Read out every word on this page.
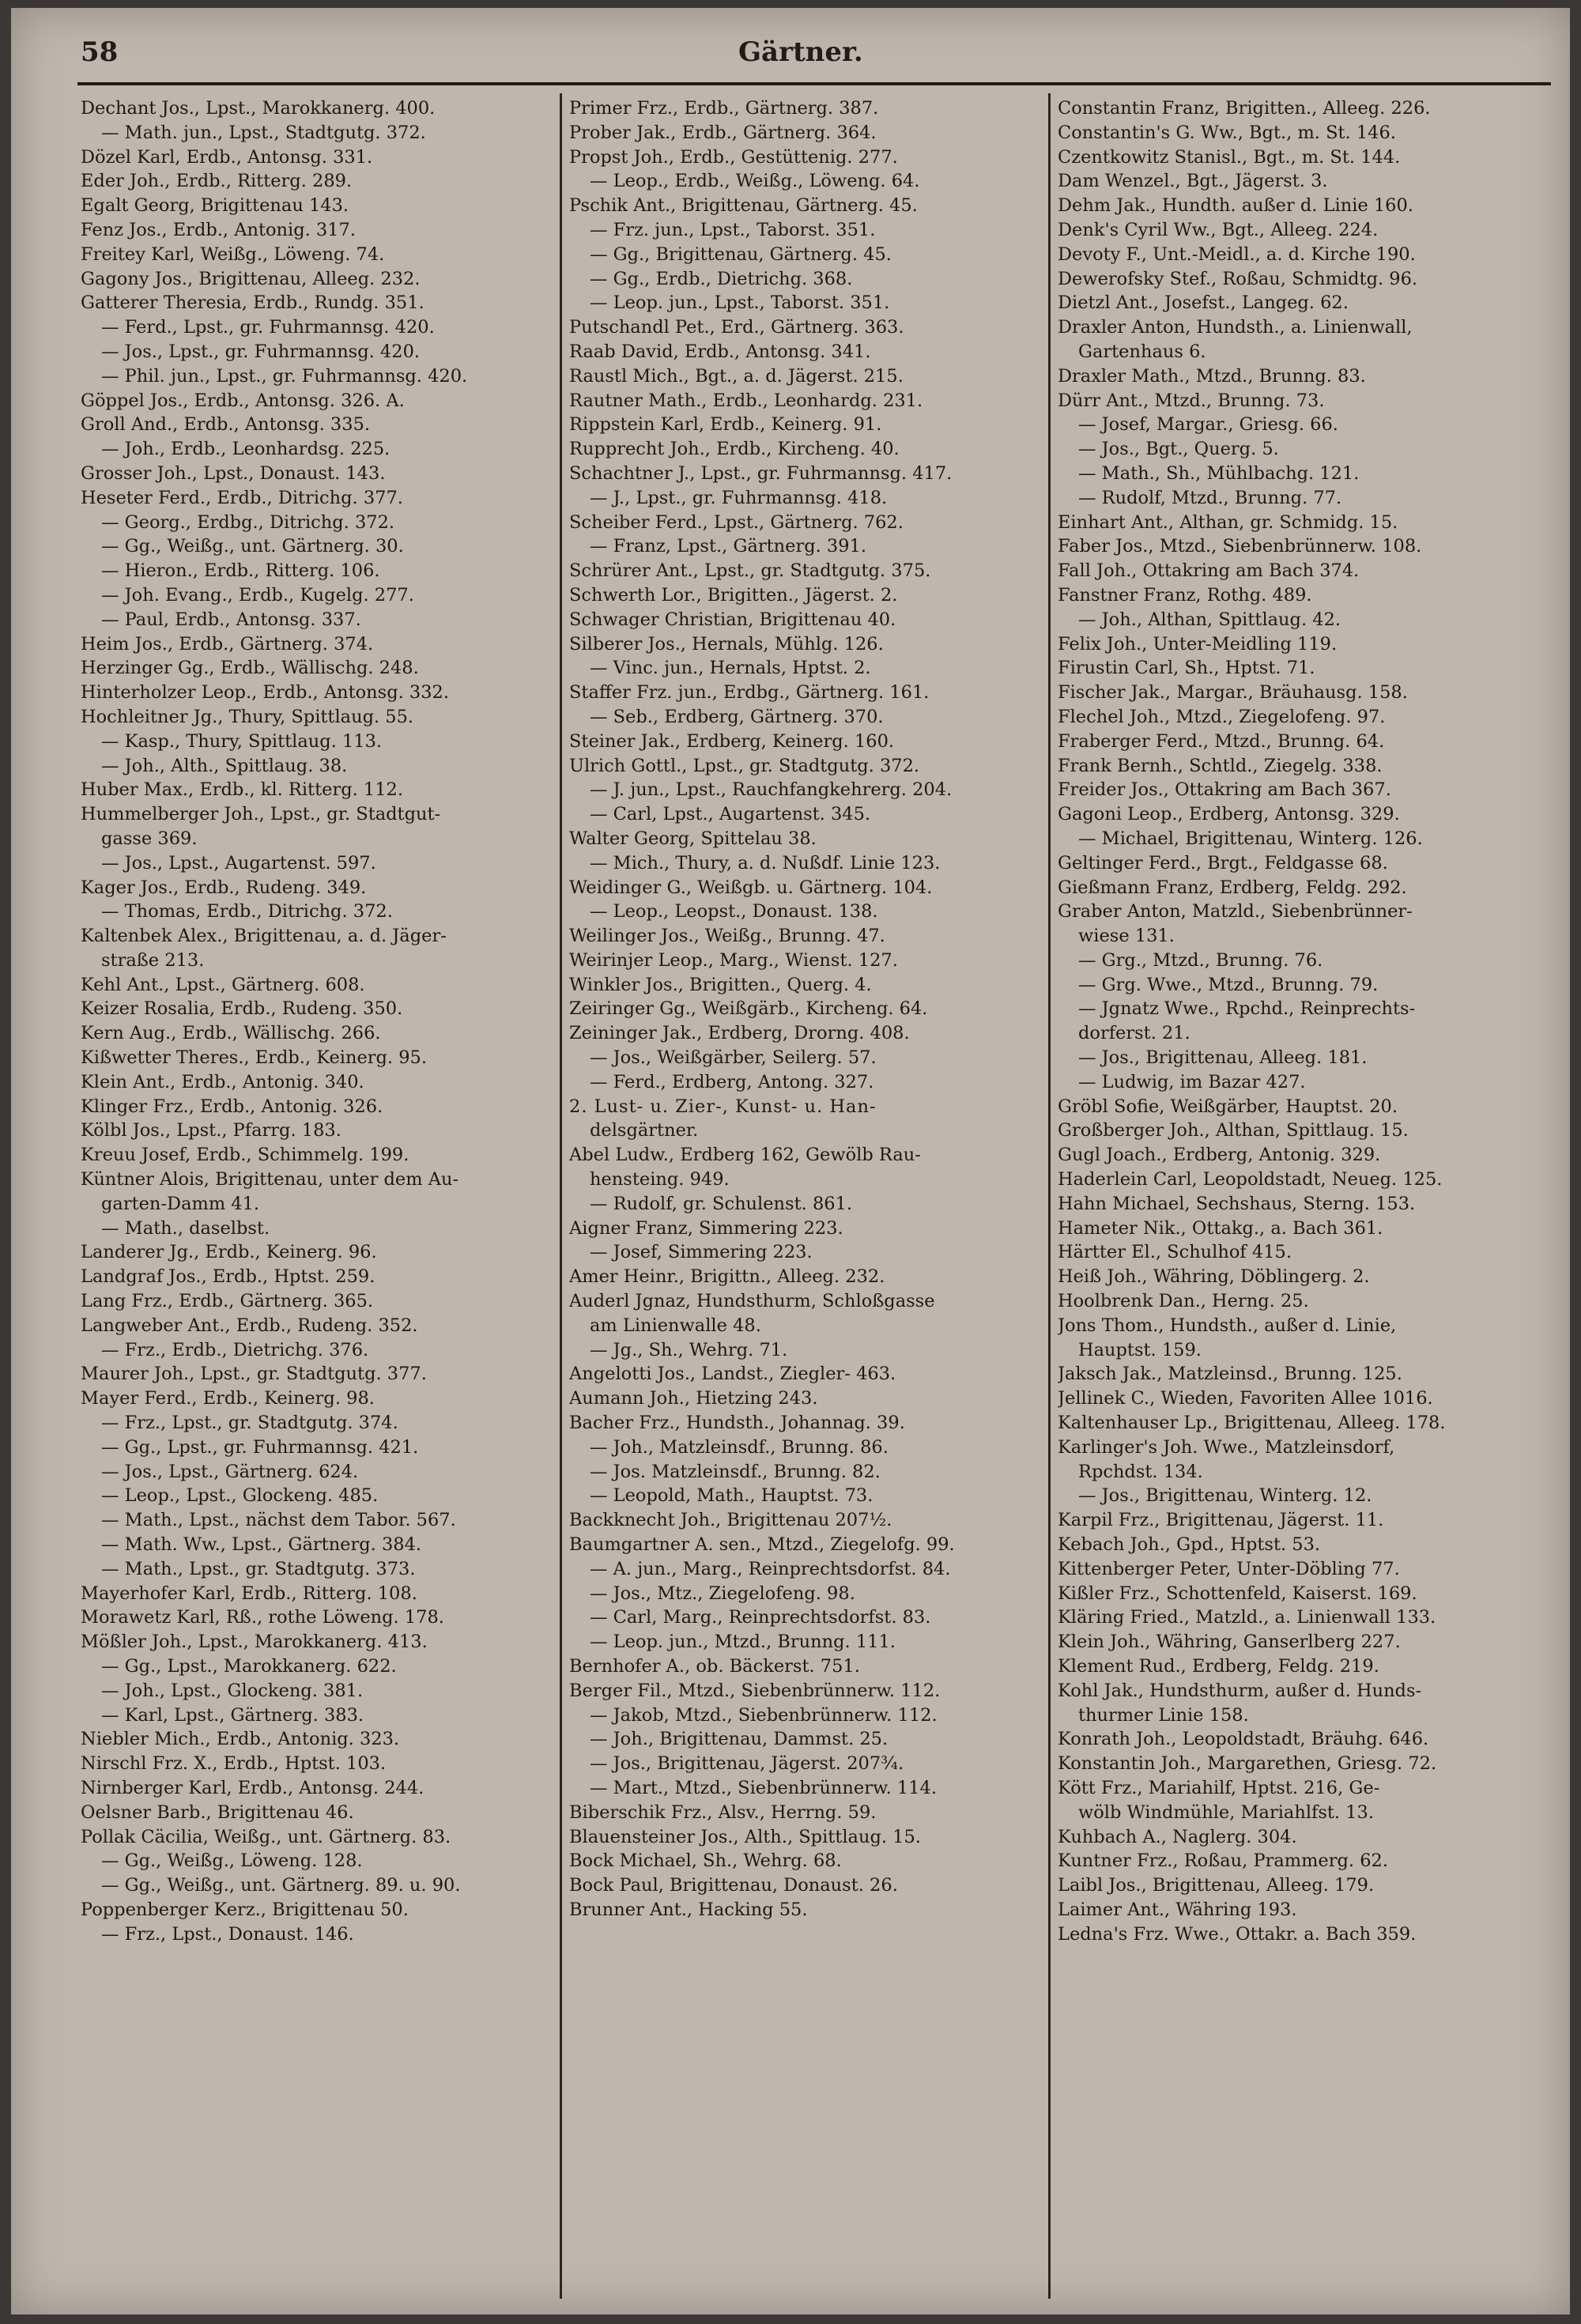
58	Gärtner.
Dechant Jos., Lpst., Marokkanerg. 400.
— Math. jun., Lpst., Stadtgutg. 372.
Dözel Karl, Erdb., Antonsg. 331.
Eder Joh., Erdb., Ritterg. 289.
Egalt Georg, Brigittenau 143.
Fenz Jos., Erdb., Antonig. 317.
Freitey Karl, Weißg., Löweng. 74.
Gagony Jos., Brigittenau, Alleeg. 232.
Gatterer Theresia, Erdb., Rundg. 351.
— Ferd., Lpst., gr. Fuhrmannsg. 420.
— Jos., Lpst., gr. Fuhrmannsg. 420.
— Phil. jun., Lpst., gr. Fuhrmannsg. 420.
Göppel Jos., Erdb., Antonsg. 326. A.
Groll And., Erdb., Antonsg. 335.
— Joh., Erdb., Leonhardsg. 225.
Grosser Joh., Lpst., Donaust. 143.
Heseter Ferd., Erdb., Ditrichg. 377.
— Georg., Erdbg., Ditrichg. 372.
— Gg., Weißg., unt. Gärtnerg. 30.
— Hieron., Erdb., Ritterg. 106.
— Joh. Evang., Erdb., Kugelg. 277.
— Paul, Erdb., Antonsg. 337.
Heim Jos., Erdb., Gärtnerg. 374.
Herzinger Gg., Erdb., Wällischg. 248.
Hinterholzer Leop., Erdb., Antonsg. 332.
Hochleitner Jg., Thury, Spittlaug. 55.
— Kasp., Thury, Spittlaug. 113.
— Joh., Alth., Spittlaug. 38.
Huber Max., Erdb., kl. Ritterg. 112.
Hummelberger Joh., Lpst., gr. Stadtgut-
gasse 369.
— Jos., Lpst., Augartenst. 597.
Kager Jos., Erdb., Rudeng. 349.
— Thomas, Erdb., Ditrichg. 372.
Kaltenbek Alex., Brigittenau, a. d. Jäger-
straße 213.
Kehl Ant., Lpst., Gärtnerg. 608.
Keizer Rosalia, Erdb., Rudeng. 350.
Kern Aug., Erdb., Wällischg. 266.
Kißwetter Theres., Erdb., Keinerg. 95.
Klein Ant., Erdb., Antonig. 340.
Klinger Frz., Erdb., Antonig. 326.
Kölbl Jos., Lpst., Pfarrg. 183.
Kreuu Josef, Erdb., Schimmelg. 199.
Küntner Alois, Brigittenau, unter dem Au-
garten-Damm 41.
— Math., daselbst.
Landerer Jg., Erdb., Keinerg. 96.
Landgraf Jos., Erdb., Hptst. 259.
Lang Frz., Erdb., Gärtnerg. 365.
Langweber Ant., Erdb., Rudeng. 352.
— Frz., Erdb., Dietrichg. 376.
Maurer Joh., Lpst., gr. Stadtgutg. 377.
Mayer Ferd., Erdb., Keinerg. 98.
— Frz., Lpst., gr. Stadtgutg. 374.
— Gg., Lpst., gr. Fuhrmannsg. 421.
— Jos., Lpst., Gärtnerg. 624.
— Leop., Lpst., Glockeng. 485.
— Math., Lpst., nächst dem Tabor. 567.
— Math. Ww., Lpst., Gärtnerg. 384.
— Math., Lpst., gr. Stadtgutg. 373.
Mayerhofer Karl, Erdb., Ritterg. 108.
Morawetz Karl, Rß., rothe Löweng. 178.
Mößler Joh., Lpst., Marokkanerg. 413.
— Gg., Lpst., Marokkanerg. 622.
— Joh., Lpst., Glockeng. 381.
— Karl, Lpst., Gärtnerg. 383.
Niebler Mich., Erdb., Antonig. 323.
Nirschl Frz. X., Erdb., Hptst. 103.
Nirnberger Karl, Erdb., Antonsg. 244.
Oelsner Barb., Brigittenau 46.
Pollak Cäcilia, Weißg., unt. Gärtnerg. 83.
— Gg., Weißg., Löweng. 128.
— Gg., Weißg., unt. Gärtnerg. 89. u. 90.
Poppenberger Kerz., Brigittenau 50.
— Frz., Lpst., Donaust. 146.
Primer Frz., Erdb., Gärtnerg. 387.
Prober Jak., Erdb., Gärtnerg. 364.
Propst Joh., Erdb., Gestüttenig. 277.
— Leop., Erdb., Weißg., Löweng. 64.
Pschik Ant., Brigittenau, Gärtnerg. 45.
— Frz. jun., Lpst., Taborst. 351.
— Gg., Brigittenau, Gärtnerg. 45.
— Gg., Erdb., Dietrichg. 368.
— Leop. jun., Lpst., Taborst. 351.
Putschandl Pet., Erd., Gärtnerg. 363.
Raab David, Erdb., Antonsg. 341.
Raustl Mich., Bgt., a. d. Jägerst. 215.
Rautner Math., Erdb., Leonhardg. 231.
Rippstein Karl, Erdb., Keinerg. 91.
Rupprecht Joh., Erdb., Kircheng. 40.
Schachtner J., Lpst., gr. Fuhrmannsg. 417.
— J., Lpst., gr. Fuhrmannsg. 418.
Scheiber Ferd., Lpst., Gärtnerg. 762.
— Franz, Lpst., Gärtnerg. 391.
Schrürer Ant., Lpst., gr. Stadtgutg. 375.
Schwerth Lor., Brigitten., Jägerst. 2.
Schwager Christian, Brigittenau 40.
Silberer Jos., Hernals, Mühlg. 126.
— Vinc. jun., Hernals, Hptst. 2.
Staffer Frz. jun., Erdbg., Gärtnerg. 161.
— Seb., Erdberg, Gärtnerg. 370.
Steiner Jak., Erdberg, Keinerg. 160.
Ulrich Gottl., Lpst., gr. Stadtgutg. 372.
— J. jun., Lpst., Rauchfangkehrerg. 204.
— Carl, Lpst., Augartenst. 345.
Walter Georg, Spittelau 38.
— Mich., Thury, a. d. Nußdf. Linie 123.
Weidinger G., Weißgb. u. Gärtnerg. 104.
— Leop., Leopst., Donaust. 138.
Weilinger Jos., Weißg., Brunng. 47.
Weirinjer Leop., Marg., Wienst. 127.
Winkler Jos., Brigitten., Querg. 4.
Zeiringer Gg., Weißgärb., Kircheng. 64.
Zeininger Jak., Erdberg, Drorng. 408.
— Jos., Weißgärber, Seilerg. 57.
— Ferd., Erdberg, Antong. 327.
2. Lust- u. Zier-, Kunst- u. Han-
delsgärtner.
Abel Ludw., Erdberg 162, Gewölb Rau-
hensteing. 949.
— Rudolf, gr. Schulenst. 861.
Aigner Franz, Simmering 223.
— Josef, Simmering 223.
Amer Heinr., Brigittn., Alleeg. 232.
Auderl Jgnaz, Hundsthurm, Schloßgasse
am Linienwalle 48.
— Jg., Sh., Wehrg. 71.
Angelotti Jos., Landst., Ziegler- 463.
Aumann Joh., Hietzing 243.
Bacher Frz., Hundsth., Johannag. 39.
— Joh., Matzleinsdf., Brunng. 86.
— Jos. Matzleinsdf., Brunng. 82.
— Leopold, Math., Hauptst. 73.
Backknecht Joh., Brigittenau 207½.
Baumgartner A. sen., Mtzd., Ziegelofg. 99.
— A. jun., Marg., Reinprechtsdorfst. 84.
— Jos., Mtz., Ziegelofeng. 98.
— Carl, Marg., Reinprechtsdorfst. 83.
— Leop. jun., Mtzd., Brunng. 111.
Bernhofer A., ob. Bäckerst. 751.
Berger Fil., Mtzd., Siebenbrünnerw. 112.
— Jakob, Mtzd., Siebenbrünnerw. 112.
— Joh., Brigittenau, Dammst. 25.
— Jos., Brigittenau, Jägerst. 207¾.
— Mart., Mtzd., Siebenbrünnerw. 114.
Biberschik Frz., Alsv., Herrng. 59.
Blauensteiner Jos., Alth., Spittlaug. 15.
Bock Michael, Sh., Wehrg. 68.
Bock Paul, Brigittenau, Donaust. 26.
Brunner Ant., Hacking 55.
Constantin Franz, Brigitten., Alleeg. 226.
Constantin's G. Ww., Bgt., m. St. 146.
Czentkowitz Stanisl., Bgt., m. St. 144.
Dam Wenzel., Bgt., Jägerst. 3.
Dehm Jak., Hundth. außer d. Linie 160.
Denk's Cyril Ww., Bgt., Alleeg. 224.
Devoty F., Unt.-Meidl., a. d. Kirche 190.
Dewerofsky Stef., Roßau, Schmidtg. 96.
Dietzl Ant., Josefst., Langeg. 62.
Draxler Anton, Hundsth., a. Linienwall,
Gartenhaus 6.
Draxler Math., Mtzd., Brunng. 83.
Dürr Ant., Mtzd., Brunng. 73.
— Josef, Margar., Griesg. 66.
— Jos., Bgt., Querg. 5.
— Math., Sh., Mühlbachg. 121.
— Rudolf, Mtzd., Brunng. 77.
Einhart Ant., Althan, gr. Schmidg. 15.
Faber Jos., Mtzd., Siebenbrünnerw. 108.
Fall Joh., Ottakring am Bach 374.
Fanstner Franz, Rothg. 489.
— Joh., Althan, Spittlaug. 42.
Felix Joh., Unter-Meidling 119.
Firustin Carl, Sh., Hptst. 71.
Fischer Jak., Margar., Bräuhausg. 158.
Flechel Joh., Mtzd., Ziegelofeng. 97.
Fraberger Ferd., Mtzd., Brunng. 64.
Frank Bernh., Schtld., Ziegelg. 338.
Freider Jos., Ottakring am Bach 367.
Gagoni Leop., Erdberg, Antonsg. 329.
— Michael, Brigittenau, Winterg. 126.
Geltinger Ferd., Brgt., Feldgasse 68.
Gießmann Franz, Erdberg, Feldg. 292.
Graber Anton, Matzld., Siebenbrünner-
wiese 131.
— Grg., Mtzd., Brunng. 76.
— Grg. Wwe., Mtzd., Brunng. 79.
— Jgnatz Wwe., Rpchd., Reinprechts-
dorferst. 21.
— Jos., Brigittenau, Alleeg. 181.
— Ludwig, im Bazar 427.
Gröbl Sofie, Weißgärber, Hauptst. 20.
Großberger Joh., Althan, Spittlaug. 15.
Gugl Joach., Erdberg, Antonig. 329.
Haderlein Carl, Leopoldstadt, Neueg. 125.
Hahn Michael, Sechshaus, Sterng. 153.
Hameter Nik., Ottakg., a. Bach 361.
Härtter El., Schulhof 415.
Heiß Joh., Währing, Döblingerg. 2.
Hoolbrenk Dan., Herng. 25.
Jons Thom., Hundsth., außer d. Linie,
Hauptst. 159.
Jaksch Jak., Matzleinsd., Brunng. 125.
Jellinek C., Wieden, Favoriten Allee 1016.
Kaltenhauser Lp., Brigittenau, Alleeg. 178.
Karlinger's Joh. Wwe., Matzleinsdorf,
Rpchdst. 134.
— Jos., Brigittenau, Winterg. 12.
Karpil Frz., Brigittenau, Jägerst. 11.
Kebach Joh., Gpd., Hptst. 53.
Kittenberger Peter, Unter-Döbling 77.
Kißler Frz., Schottenfeld, Kaiserst. 169.
Kläring Fried., Matzld., a. Linienwall 133.
Klein Joh., Währing, Ganserlberg 227.
Klement Rud., Erdberg, Feldg. 219.
Kohl Jak., Hundsthurm, außer d. Hunds-
thurmer Linie 158.
Konrath Joh., Leopoldstadt, Bräuhg. 646.
Konstantin Joh., Margarethen, Griesg. 72.
Kött Frz., Mariahilf, Hptst. 216, Ge-
wölb Windmühle, Mariahlfst. 13.
Kuhbach A., Naglerg. 304.
Kuntner Frz., Roßau, Prammerg. 62.
Laibl Jos., Brigittenau, Alleeg. 179.
Laimer Ant., Währing 193.
Ledna's Frz. Wwe., Ottakr. a. Bach 359.
